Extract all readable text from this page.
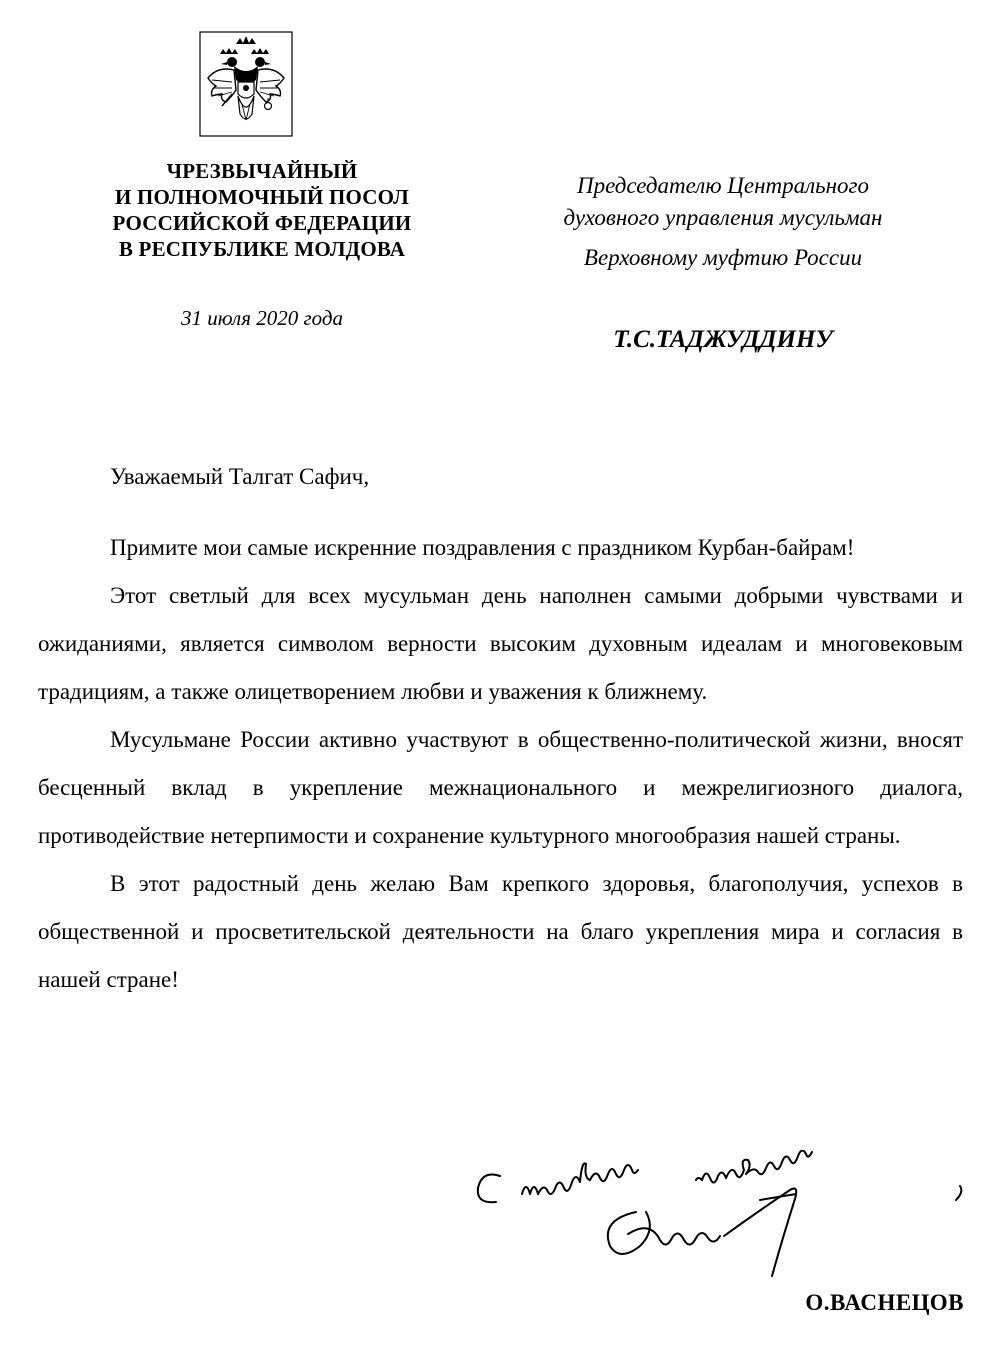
ЧРЕЗВЫЧАЙНЫЙ
И ПОЛНОМОЧНЫЙ ПОСОЛ
РОССИЙСКОЙ ФЕДЕРАЦИИ
В РЕСПУБЛИКЕ МОЛДОВА
31 июля 2020 года
Председателю Центрального
духовного управления мусульман
Верховному муфтию России
Т.С.ТАДЖУДДИНУ
Уважаемый Талгат Сафич,

Примите мои самые искренние поздравления с праздником Курбан-байрам!

Этот светлый для всех мусульман день наполнен самыми добрыми чувствами и ожиданиями, является символом верности высоким духовным идеалам и многовековым традициям, а также олицетворением любви и уважения к ближнему.

Мусульмане России активно участвуют в общественно-политической жизни, вносят бесценный вклад в укрепление межнационального и межрелигиозного диалога, противодействие нетерпимости и сохранение культурного многообразия нашей страны.

В этот радостный день желаю Вам крепкого здоровья, благополучия, успехов в общественной и просветительской деятельности на благо укрепления мира и согласия в нашей стране!

О.ВАСНЕЦОВ
